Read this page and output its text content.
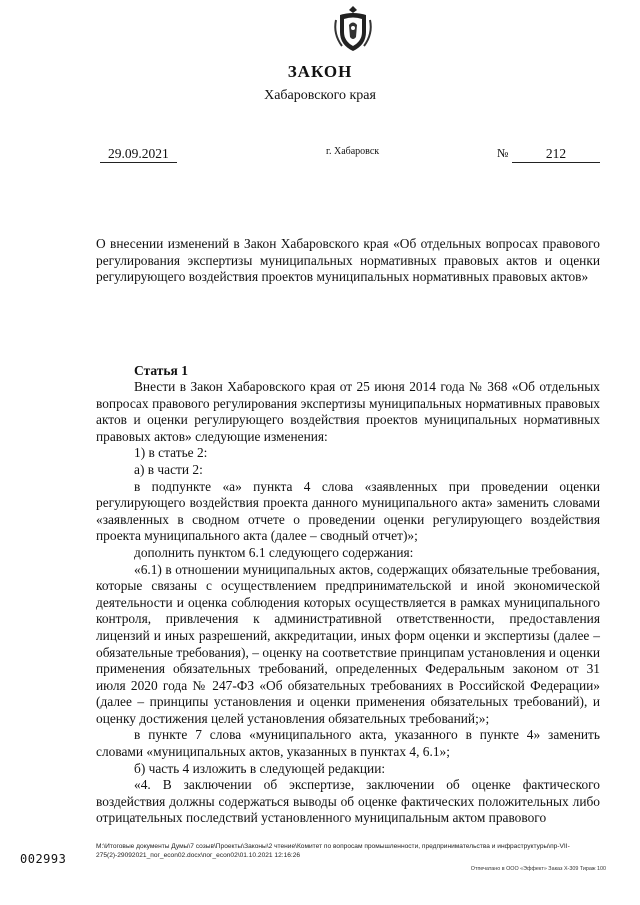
ЗАКОН
Хабаровского края
29.09.2021	г. Хабаровск	№	212
О внесении изменений в Закон Хабаровского края «Об отдельных вопросах правового регулирования экспертизы муниципальных нормативных правовых актов и оценки регулирующего воздействия проектов муниципальных нормативных правовых актов»
Статья 1

Внести в Закон Хабаровского края от 25 июня 2014 года № 368 «Об отдельных вопросах правового регулирования экспертизы муниципальных нормативных правовых актов и оценки регулирующего воздействия проектов муниципальных нормативных правовых актов» следующие изменения:

1) в статье 2:

а) в части 2:

в подпункте «а» пункта 4 слова «заявленных при проведении оценки регулирующего воздействия проекта данного муниципального акта» заменить словами «заявленных в сводном отчете о проведении оценки регулирующего воздействия проекта муниципального акта (далее – сводный отчет)»;

дополнить пунктом 6.1 следующего содержания:

«6.1) в отношении муниципальных актов, содержащих обязательные требования, которые связаны с осуществлением предпринимательской и иной экономической деятельности и оценка соблюдения которых осуществляется в рамках муниципального контроля, привлечения к административной ответственности, предоставления лицензий и иных разрешений, аккредитации, иных форм оценки и экспертизы (далее – обязательные требования), – оценку на соответствие принципам установления и оценки применения обязательных требований, определенных Федеральным законом от 31 июля 2020 года № 247-ФЗ «Об обязательных требованиях в Российской Федерации» (далее – принципы установления и оценки применения обязательных требований), и оценку достижения целей установления обязательных требований;»;

в пункте 7 слова «муниципального акта, указанного в пункте 4» заменить словами «муниципальных актов, указанных в пунктах 4, 6.1»;

б) часть 4 изложить в следующей редакции:

«4. В заключении об экспертизе, заключении об оценке фактического воздействия должны содержаться выводы об оценке фактических положительных либо отрицательных последствий установленного муниципальным актом правового

002993
М:\Итоговые документы Думы\7 созыв\Проекты\Законы\2 чтение\Комитет по вопросам промышленности, предпринимательства и инфраструктуры\пр-VII-275(2)-29092021_пог_econ02.docx\пог_econ02\01.10.2021 12:16:26
Отпечатано в ООО «Эффект» Заказ X-309 Тираж 100
